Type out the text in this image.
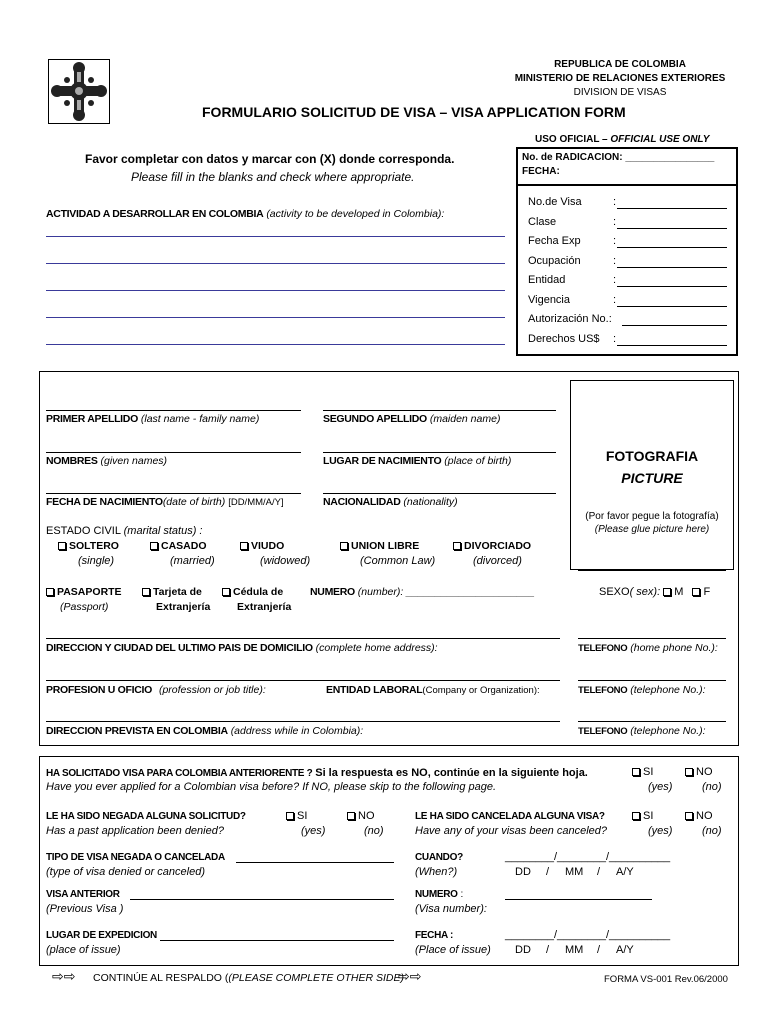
REPUBLICA DE COLOMBIA
MINISTERIO DE RELACIONES EXTERIORES
DIVISION DE VISAS
FORMULARIO SOLICITUD DE VISA – VISA APPLICATION FORM
USO OFICIAL – OFFICIAL USE ONLY
No. de RADICACION: ________________
FECHA:
Favor completar con datos y marcar con (X) donde corresponda.
Please fill in the blanks and check where appropriate.
ACTIVIDAD A DESARROLLAR EN COLOMBIA (activity to be developed in Colombia):
FOTOGRAFIA
PICTURE
(Por favor pegue la fotografía)
(Please glue picture here)
PRIMER APELLIDO (last name - family name)	SEGUNDO APELLIDO (maiden name)
NOMBRES (given names)	LUGAR DE NACIMIENTO (place of birth)
FECHA DE NACIMIENTO(date of birth) [DD/MM/A/Y]	NACIONALIDAD (nationality)
ESTADO CIVIL (marital status) :
PASAPORTE
(Passport)
Tarjeta de
Extranjería
Cédula de
Extranjería
NUMERO (number): ______________________	SEXO( sex): M F
DIRECCION Y CIUDAD DEL ULTIMO PAIS DE DOMICILIO (complete home address):	TELEFONO (home phone No.):
PROFESION U OFICIO (profession or job title):	ENTIDAD LABORAL(Company or Organization):	TELEFONO (telephone No.):
DIRECCION PREVISTA EN COLOMBIA (address while in Colombia):	TELEFONO (telephone No.):
HA SOLICITADO VISA PARA COLOMBIA ANTERIORENTE ? Si la respuesta es NO, continúe en la siguiente hoja.
Have you ever applied for a Colombian visa before? If NO, please skip to the following page.
SI
(yes)
NO
(no)
LE HA SIDO NEGADA ALGUNA SOLICITUD?
Has a past application been denied?
SI
(yes)
NO
(no)
LE HA SIDO CANCELADA ALGUNA VISA?
Have any of your visas been canceled?
SI
(yes)
NO
(no)
TIPO DE VISA NEGADA O CANCELADA
(type of visa denied or canceled)
CUANDO?
(When?)
________/________/__________
DD / MM / A/Y
VISA ANTERIOR
(Previous Visa )
NUMERO :
(Visa number):
LUGAR DE EXPEDICION
(place of issue)
FECHA :
(Place of issue)
________/________/__________
DD / MM / A/Y
⇨⇨ CONTINÚE AL RESPALDO ((PLEASE COMPLETE OTHER SIDE)
⇨⇨	FORMA VS-001 Rev.06/2000
No.de Visa	:
Clase	:
Fecha Exp	:
Ocupación	:
Entidad	:
Vigencia	:
Autorización No.:
Derechos US$ :
SOLTERO
(single)
CASADO
(married)
VIUDO
(widowed)
UNION LIBRE
(Common Law)
DIVORCIADO
(divorced)
